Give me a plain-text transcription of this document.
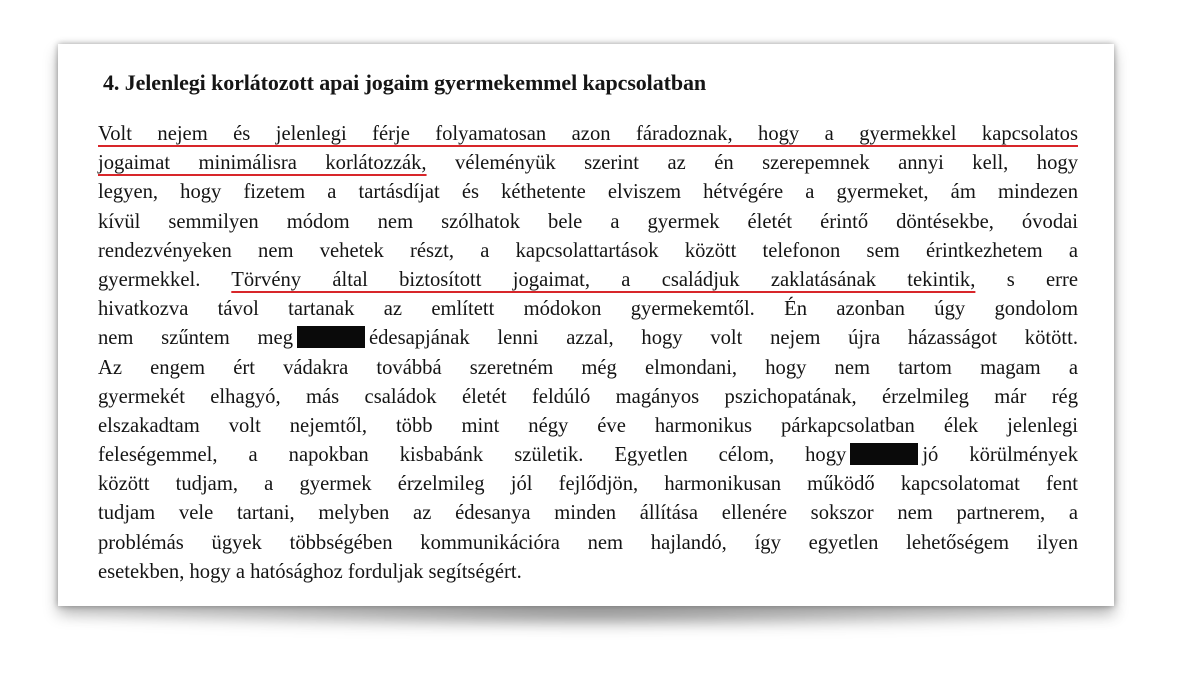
4. Jelenlegi korlátozott apai jogaim gyermekemmel kapcsolatban
Volt nejem és jelenlegi férje folyamatosan azon fáradoznak, hogy a gyermekkel kapcsolatos
jogaimat minimálisra korlátozzák, véleményük szerint az én szerepemnek annyi kell, hogy
legyen, hogy fizetem a tartásdíjat és kéthetente elviszem hétvégére a gyermeket, ám mindezen
kívül semmilyen módom nem szólhatok bele a gyermek életét érintő döntésekbe, óvodai
rendezvényeken nem vehetek részt, a kapcsolattartások között telefonon sem érintkezhetem a
gyermekkel. Törvény által biztosított jogaimat, a családjuk zaklatásának tekintik, s erre
hivatkozva távol tartanak az említett módokon gyermekemtől. Én azonban úgy gondolom
nem szűntem meg	édesapjának lenni azzal, hogy volt nejem újra házasságot kötött.
Az engem ért vádakra továbbá szeretném még elmondani, hogy nem tartom magam a
gyermekét elhagyó, más családok életét feldúló magányos pszichopatának, érzelmileg már rég
elszakadtam volt nejemtől, több mint négy éve harmonikus párkapcsolatban élek jelenlegi
feleségemmel, a napokban kisbabánk születik. Egyetlen célom, hogy	jó körülmények
között tudjam, a gyermek érzelmileg jól fejlődjön, harmonikusan működő kapcsolatomat fent
tudjam vele tartani, melyben az édesanya minden állítása ellenére sokszor nem partnerem, a
problémás ügyek többségében kommunikációra nem hajlandó, így egyetlen lehetőségem ilyen
esetekben, hogy a hatósághoz forduljak segítségért.
